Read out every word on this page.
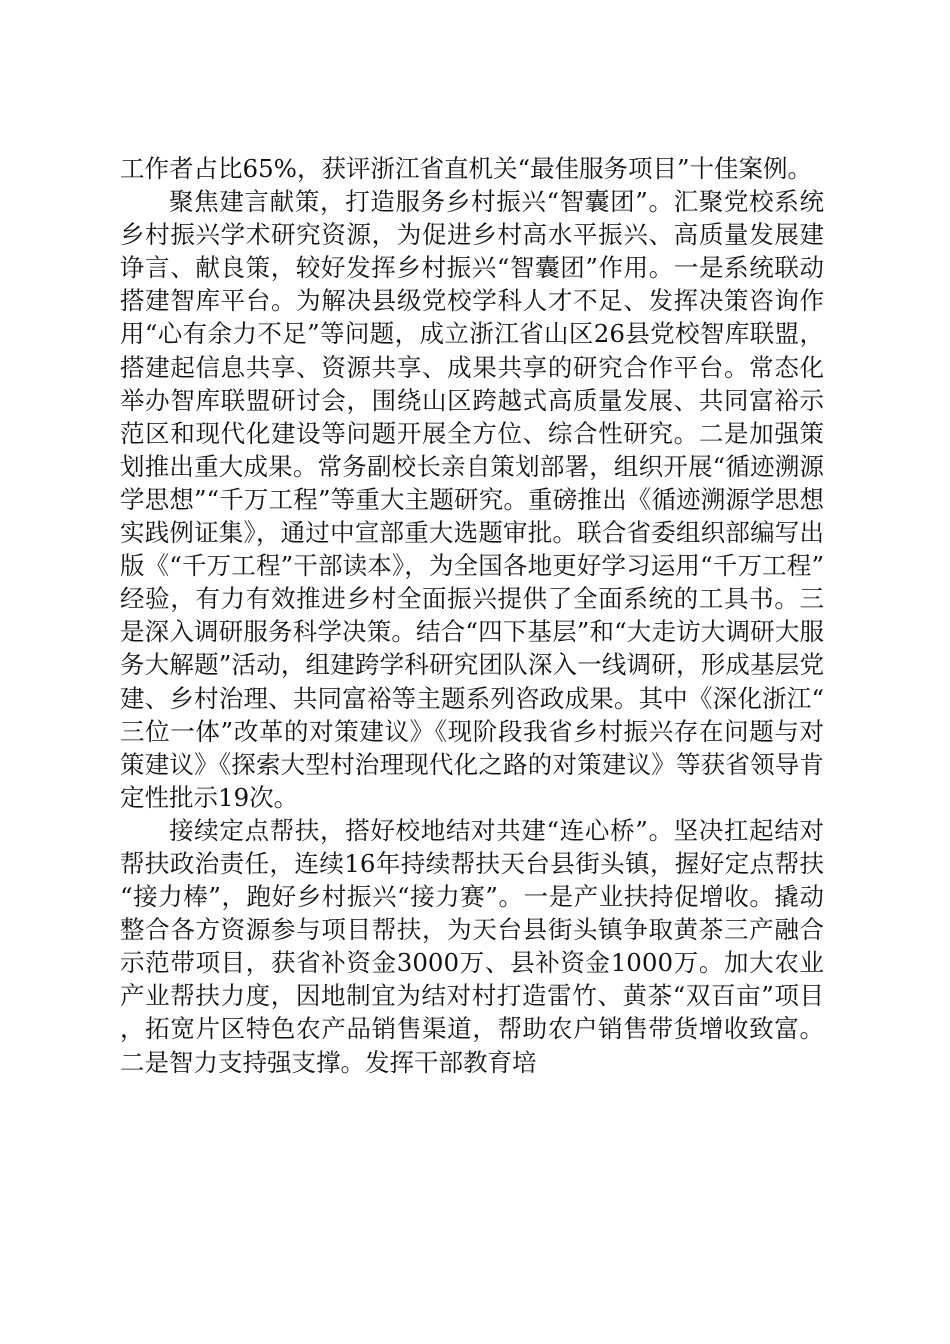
工作者占比65%，获评浙江省直机关“最佳服务项目”十佳案例。

聚焦建言献策，打造服务乡村振兴“智囊团”。汇聚党校系统乡村振兴学术研究资源，为促进乡村高水平振兴、高质量发展建诤言、献良策，较好发挥乡村振兴“智囊团”作用。一是系统联动搭建智库平台。为解决县级党校学科人才不足、发挥决策咨询作用“心有余力不足”等问题，成立浙江省山区26县党校智库联盟，搭建起信息共享、资源共享、成果共享的研究合作平台。常态化举办智库联盟研讨会，围绕山区跨越式高质量发展、共同富裕示范区和现代化建设等问题开展全方位、综合性研究。二是加强策划推出重大成果。常务副校长亲自策划部署，组织开展“循迹溯源学思想”“千万工程”等重大主题研究。重磅推出《循迹溯源学思想实践例证集》，通过中宣部重大选题审批。联合省委组织部编写出版《“千万工程”干部读本》，为全国各地更好学习运用“千万工程”经验，有力有效推进乡村全面振兴提供了全面系统的工具书。三是深入调研服务科学决策。结合“四下基层”和“大走访大调研大服务大解题”活动，组建跨学科研究团队深入一线调研，形成基层党建、乡村治理、共同富裕等主题系列咨政成果。其中《深化浙江“三位一体”改革的对策建议》《现阶段我省乡村振兴存在问题与对策建议》《探索大型村治理现代化之路的对策建议》等获省领导肯定性批示19次。

接续定点帮扶，搭好校地结对共建“连心桥”。坚决扛起结对帮扶政治责任，连续16年持续帮扶天台县街头镇，握好定点帮扶“接力棒”，跑好乡村振兴“接力赛”。一是产业扶持促增收。撬动整合各方资源参与项目帮扶，为天台县街头镇争取黄茶三产融合示范带项目，获省补资金3000万、县补资金1000万。加大农业产业帮扶力度，因地制宜为结对村打造雷竹、黄茶“双百亩”项目，拓宽片区特色农产品销售渠道，帮助农户销售带货增收致富。二是智力支持强支撑。发挥干部教育培
